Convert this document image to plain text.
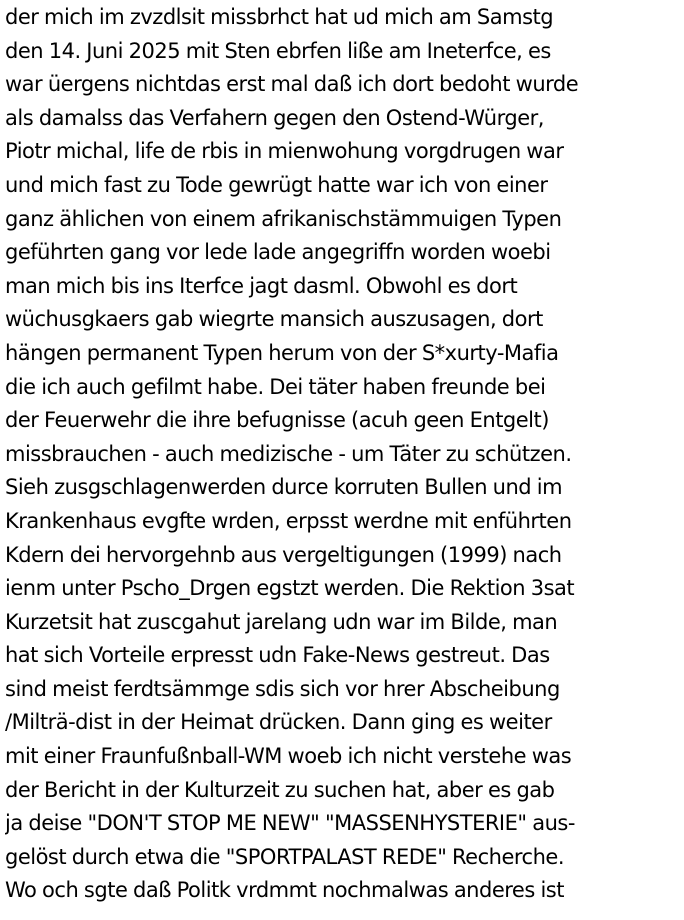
der mich im zvzdlsit missbrhct hat ud mich am Samstg
den 14. Juni 2025 mit Sten ebrfen liße am Ineterfce, es
war üergens nichtdas erst mal daß ich dort bedoht wurde
als damalss das Verfahern gegen den Ostend-Würger,
Piotr michal, life de rbis in mienwohung vorgdrugen war
und mich fast zu Tode gewrügt hatte war ich von einer
ganz ählichen von einem afrikanischstämmuigen Typen
geführten gang vor lede lade angegriffn worden woebi
man mich bis ins Iterfce jagt dasml. Obwohl es dort
wüchusgkaers gab wiegrte mansich auszusagen, dort
hängen permanent Typen herum von der S*xurty-Mafia
die ich auch gefilmt habe. Dei täter haben freunde bei
der Feuerwehr die ihre befugnisse (acuh geen Entgelt)
missbrauchen - auch medizische - um Täter zu schützen.
Sieh zusgschlagenwerden durce korruten Bullen und im
Krankenhaus evgfte wrden, erpsst werdne mit enführten
Kdern dei hervorgehnb aus vergeltigungen (1999) nach
ienm unter Pscho_Drgen egstzt werden. Die Rektion 3sat
Kurzetsit hat zuscgahut jarelang udn war im Bilde, man
hat sich Vorteile erpresst udn Fake-News gestreut. Das
sind meist ferdtsämmge sdis sich vor hrer Abscheibung
/Milträ-dist in der Heimat drücken. Dann ging es weiter
mit einer Fraunfußnball-WM woeb ich nicht verstehe was
der Bericht in der Kulturzeit zu suchen hat, aber es gab
ja deise "DON'T STOP ME NEW" "MASSENHYSTERIE" aus-
gelöst durch etwa die "SPORTPALAST REDE" Recherche.
Wo och sgte daß Politk vrdmmt nochmalwas anderes ist
